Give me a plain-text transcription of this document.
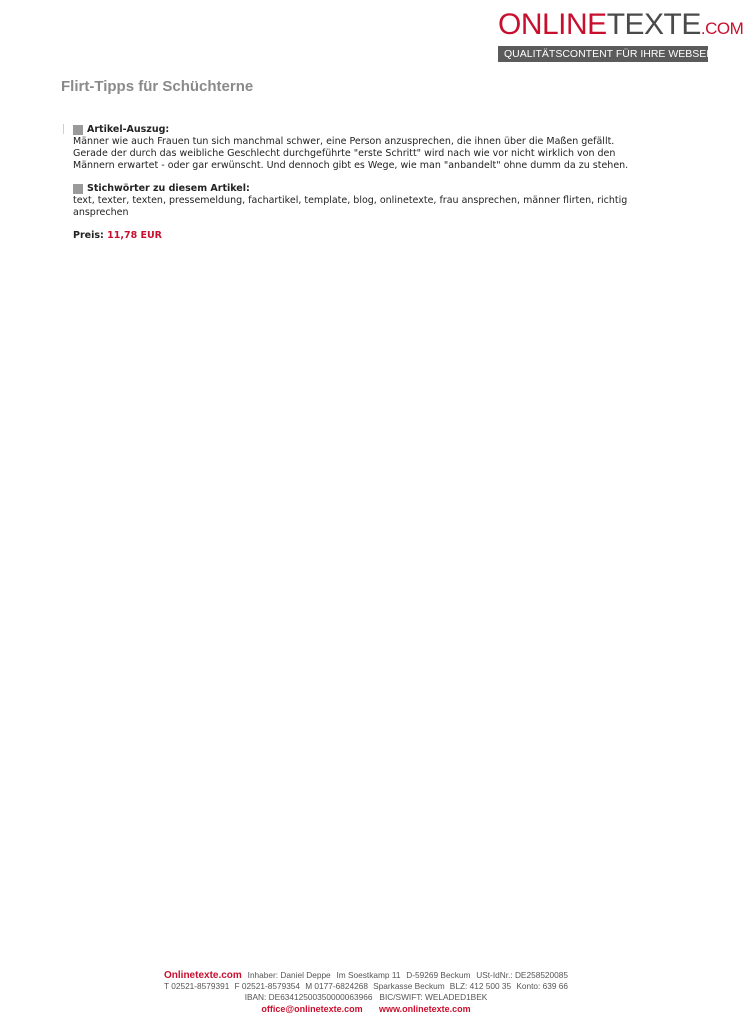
ONLINETEXTE.COM
QUALITÄTSCONTENT FÜR IHRE WEBSEITE
Flirt-Tipps für Schüchterne
Artikel-Auszug:

Männer wie auch Frauen tun sich manchmal schwer, eine Person anzusprechen, die ihnen über die Maßen gefällt. Gerade der durch das weibliche Geschlecht durchgeführte "erste Schritt" wird nach wie vor nicht wirklich von den Männern erwartet - oder gar erwünscht. Und dennoch gibt es Wege, wie man "anbandelt" ohne dumm da zu stehen.

Stichwörter zu diesem Artikel:

text, texter, texten, pressemeldung, fachartikel, template, blog, onlinetexte, frau ansprechen, männer flirten, richtig ansprechen

Preis: 11,78 EUR
Onlinetexte.com Inhaber: Daniel Deppe Im Soestkamp 11 D-59269 Beckum USt-IdNr.: DE258520085
T 02521-8579391 F 02521-8579354 M 0177-6824268 Sparkasse Beckum BLZ: 412 500 35 Konto: 639 66
IBAN: DE63412500350000063966 BIC/SWIFT: WELADED1BEK
office@onlinetexte.com www.onlinetexte.com
